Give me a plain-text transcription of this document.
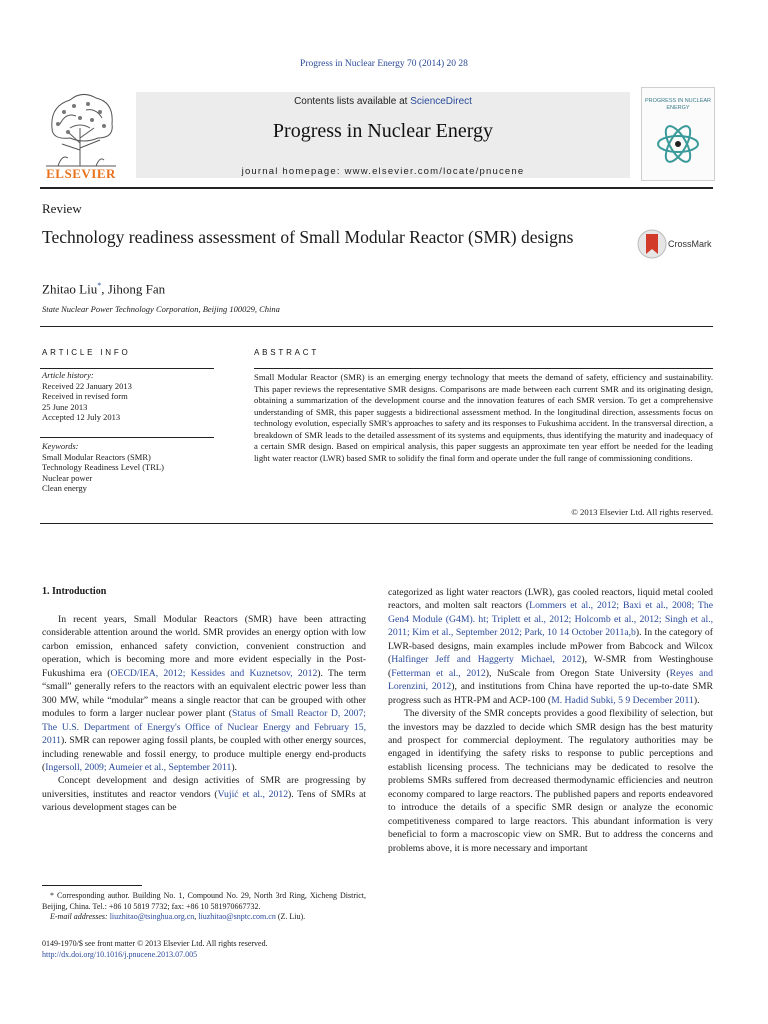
Progress in Nuclear Energy 70 (2014) 20 28
ELSEVIER
Contents lists available at ScienceDirect
Progress in Nuclear Energy
journal homepage: www.elsevier.com/locate/pnucene
PROGRESS IN NUCLEAR ENERGY
Review
Technology readiness assessment of Small Modular Reactor (SMR) designs	CrossMark
Zhitao Liu*, Jihong Fan
State Nuclear Power Technology Corporation, Beijing 100029, China
ARTICLE INFO	ABSTRACT
Article history:
Received 22 January 2013
Received in revised form
25 June 2013
Accepted 12 July 2013
Keywords:
Small Modular Reactors (SMR)
Technology Readiness Level (TRL)
Nuclear power
Clean energy
Small Modular Reactor (SMR) is an emerging energy technology that meets the demand of safety, efficiency and sustainability. This paper reviews the representative SMR designs. Comparisons are made between each current SMR and its originating design, obtaining a summarization of the development course and the innovation features of each SMR version. To get a comprehensive understanding of SMR, this paper suggests a bidirectional assessment method. In the longitudinal direction, assessments focus on technology evolution, especially SMR's approaches to safety and its responses to Fukushima accident. In the transversal direction, a breakdown of SMR leads to the detailed assessment of its systems and equipments, thus identifying the maturity and inadequacy of a certain SMR design. Based on empirical analysis, this paper suggests an approximate ten year effort be needed for the leading light water reactor (LWR) based SMR to solidify the final form and operate under the full range of commissioning conditions.
© 2013 Elsevier Ltd. All rights reserved.
1. Introduction

In recent years, Small Modular Reactors (SMR) have been attracting considerable attention around the world. SMR provides an energy option with low carbon emission, enhanced safety conviction, convenient construction and operation, which is becoming more and more evident especially in the Post-Fukushima era (OECD/IEA, 2012; Kessides and Kuznetsov, 2012). The term “small” generally refers to the reactors with an equivalent electric power less than 300 MW, while “modular” means a single reactor that can be grouped with other modules to form a larger nuclear power plant (Status of Small Reactor D, 2007; The U.S. Department of Energy's Office of Nuclear Energy and February 15, 2011). SMR can repower aging fossil plants, be coupled with other energy sources, including renewable and fossil energy, to produce multiple energy end-products (Ingersoll, 2009; Aumeier et al., September 2011).

Concept development and design activities of SMR are progressing by universities, institutes and reactor vendors (Vujić et al., 2012). Tens of SMRs at various development stages can be

categorized as light water reactors (LWR), gas cooled reactors, liquid metal cooled reactors, and molten salt reactors (Lommers et al., 2012; Baxi et al., 2008; The Gen4 Module (G4M). ht; Triplett et al., 2012; Holcomb et al., 2012; Singh et al., 2011; Kim et al., September 2012; Park, 10 14 October 2011a,b). In the category of LWR-based designs, main examples include mPower from Babcock and Wilcox (Halfinger Jeff and Haggerty Michael, 2012), W-SMR from Westinghouse (Fetterman et al., 2012), NuScale from Oregon State University (Reyes and Lorenzini, 2012), and institutions from China have reported the up-to-date SMR progress such as HTR-PM and ACP-100 (M. Hadid Subki, 5 9 December 2011).

The diversity of the SMR concepts provides a good flexibility of selection, but the investors may be dazzled to decide which SMR design has the best maturity and prospect for commercial deployment. The regulatory authorities may be engaged in identifying the safety risks to response to public perceptions and establish licensing process. The technicians may be dedicated to resolve the problems SMRs suffered from decreased thermodynamic efficiencies and neutron economy compared to large reactors. The published papers and reports endeavored to introduce the details of a specific SMR design or analyze the economic competitiveness compared to large reactors. This abundant information is very beneficial to form a macroscopic view on SMR. But to address the concerns and problems above, it is more necessary and important

* Corresponding author. Building No. 1, Compound No. 29, North 3rd Ring, Xicheng District, Beijing, China. Tel.: +86 10 5819 7732; fax: +86 10 581970667732.

E-mail addresses: liuzhitao@tsinghua.org.cn, liuzhitao@snptc.com.cn (Z. Liu).

0149-1970/$ see front matter © 2013 Elsevier Ltd. All rights reserved.
http://dx.doi.org/10.1016/j.pnucene.2013.07.005
